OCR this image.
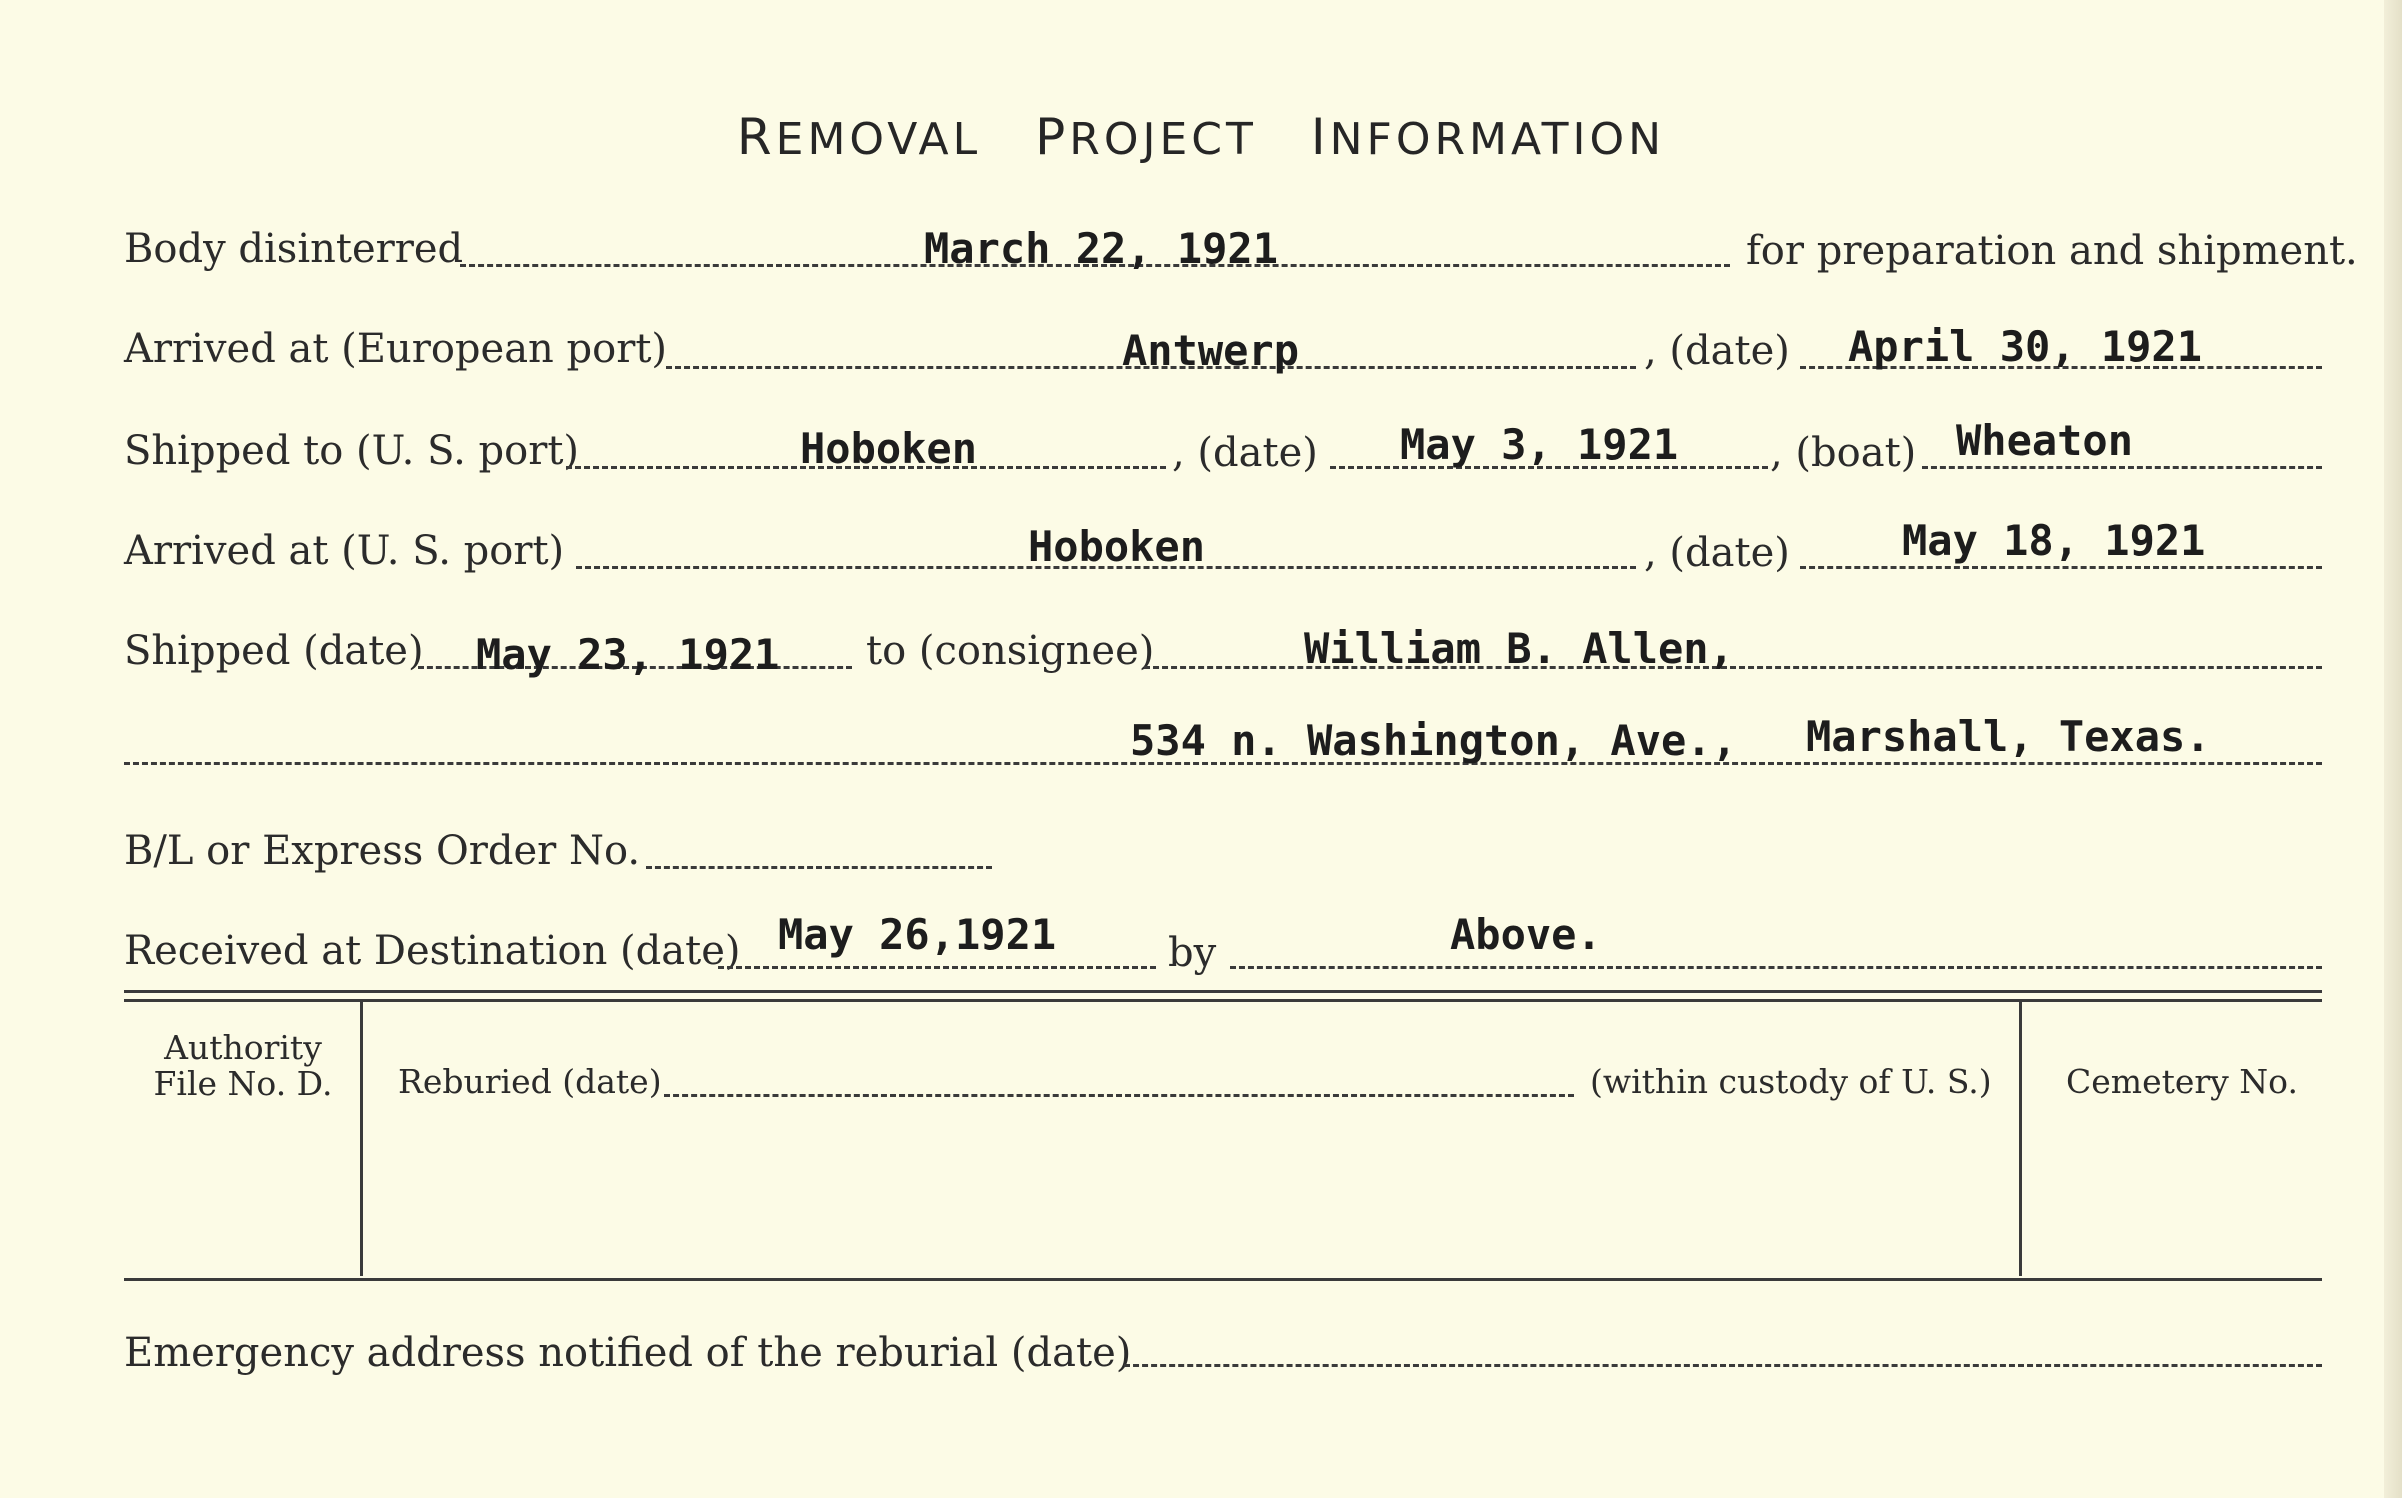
REMOVAL PROJECT INFORMATION
Body disinterred	March 22, 1921	for preparation and shipment.
Arrived at (European port)	Antwerp	, (date) April 30, 1921
Shipped to (U. S. port)	Hoboken	, (date) May 3, 1921 , (boat) Wheaton
Arrived at (U. S. port)	Hoboken	, (date)	May 18, 1921
Shipped (date) May 23, 1921 to (consignee)	William B. Allen,
534 n. Washington, Ave., Marshall, Texas.
B/L or Express Order No.
Received at Destination (date) May 26,1921	by	Above.
Authority
File No. D.	Reburied (date)	(within custody of U. S.) Cemetery No.
Emergency address notified of the reburial (date)
